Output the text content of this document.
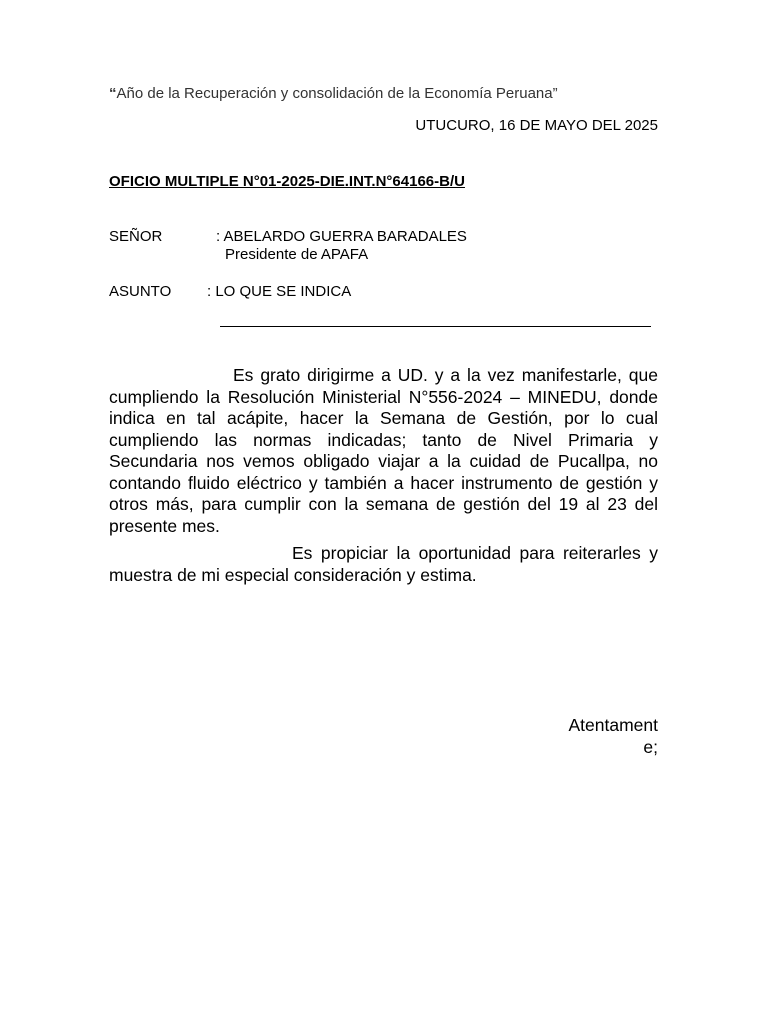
“Año de la Recuperación y consolidación de la Economía Peruana”
UTUCURO, 16 DE MAYO DEL 2025
OFICIO MULTIPLE N°01-2025-DIE.INT.N°64166-B/U
SEÑOR	: ABELARDO GUERRA BARADALES
Presidente de APAFA
ASUNTO : LO QUE SE INDICA

Es grato dirigirme a UD. y a la vez manifestarle, que cumpliendo la Resolución Ministerial N°556-2024 – MINEDU, donde indica en tal acápite, hacer la Semana de Gestión, por lo cual cumpliendo las normas indicadas; tanto de Nivel Primaria y Secundaria nos vemos obligado viajar a la cuidad de Pucallpa, no contando fluido eléctrico y también a hacer instrumento de gestión y otros más, para cumplir con la semana de gestión del 19 al 23 del presente mes.

Es propiciar la oportunidad para reiterarles y muestra de mi especial consideración y estima.

Atentamente;
